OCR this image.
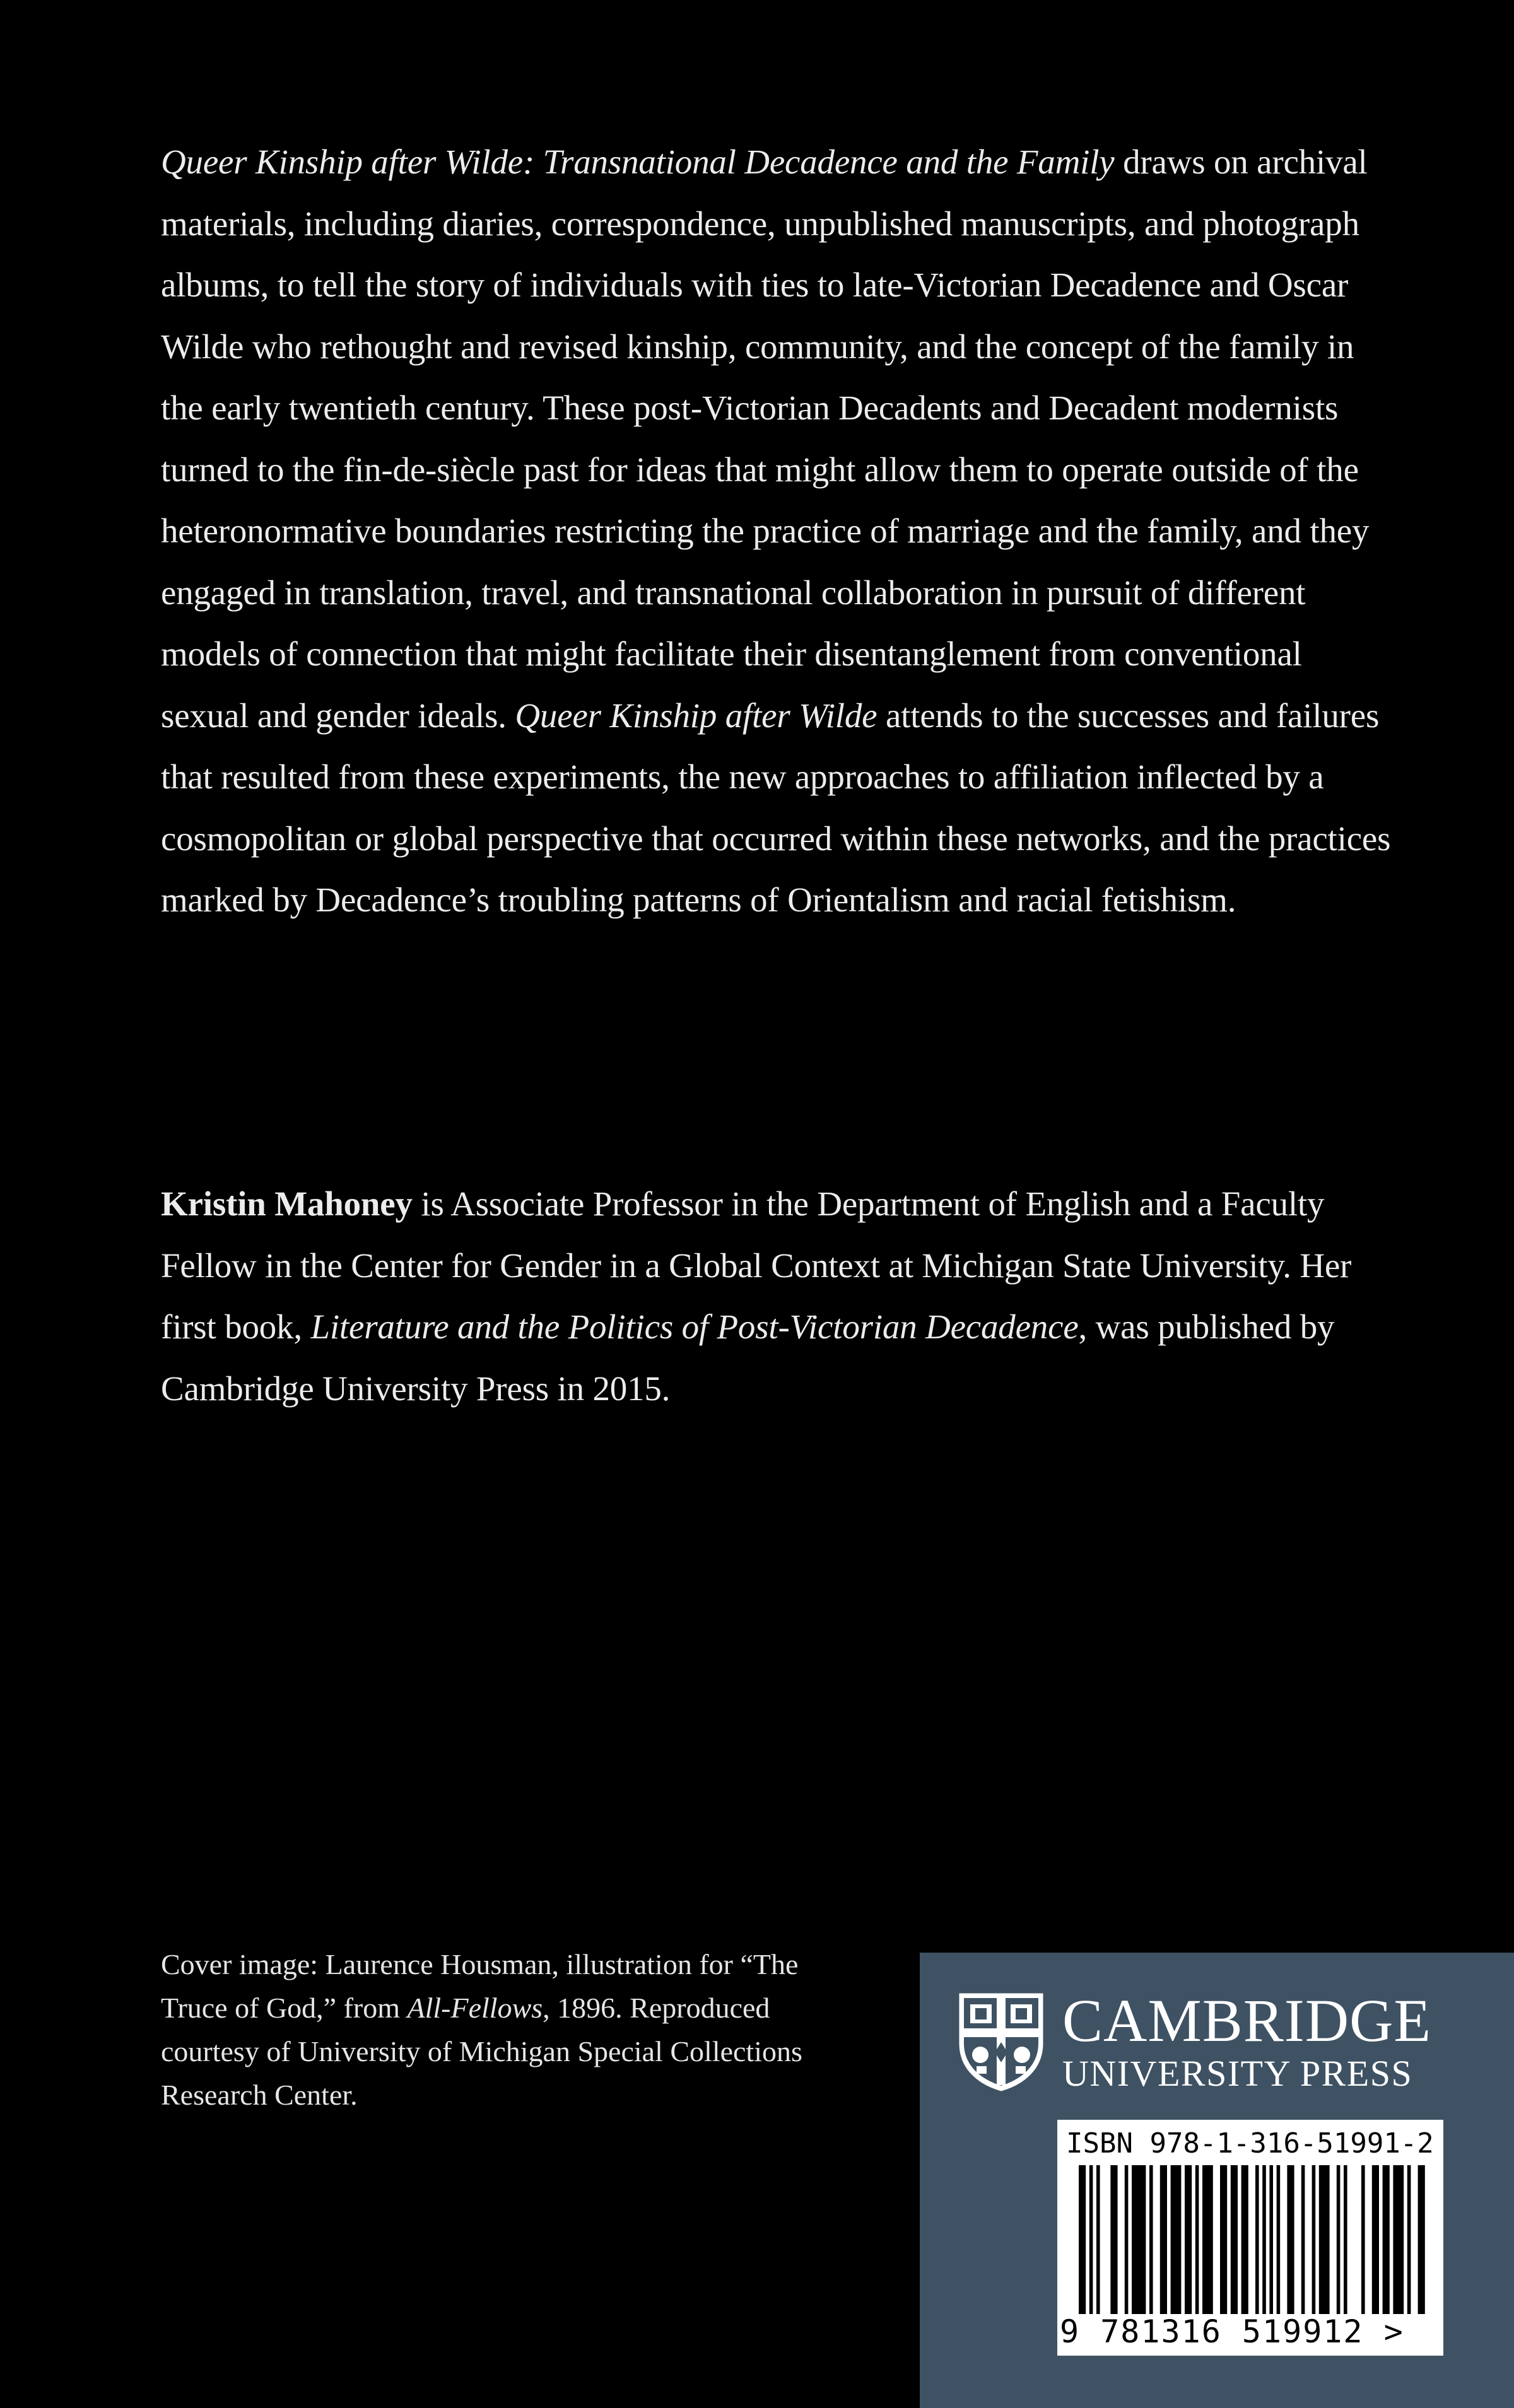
Queer Kinship after Wilde: Transnational Decadence and the Family draws on archival materials, including diaries, correspondence, unpublished manuscripts, and photograph albums, to tell the story of individuals with ties to late-Victorian Decadence and Oscar Wilde who rethought and revised kinship, community, and the concept of the family in the early twentieth century. These post-Victorian Decadents and Decadent modernists turned to the fin-de-siècle past for ideas that might allow them to operate outside of the heteronormative boundaries restricting the practice of marriage and the family, and they engaged in translation, travel, and transnational collaboration in pursuit of different models of connection that might facilitate their disentanglement from conventional sexual and gender ideals. Queer Kinship after Wilde attends to the successes and failures that resulted from these experiments, the new approaches to affiliation inflected by a cosmopolitan or global perspective that occurred within these networks, and the practices marked by Decadence’s troubling patterns of Orientalism and racial fetishism.

Kristin Mahoney is Associate Professor in the Department of English and a Faculty Fellow in the Center for Gender in a Global Context at Michigan State University. Her first book, Literature and the Politics of Post-Victorian Decadence, was published by Cambridge University Press in 2015.

Cover image: Laurence Housman, illustration for “The Truce of God,” from All-Fellows, 1896. Reproduced courtesy of University of Michigan Special Collections Research Center.

CAMBRIDGE
UNIVERSITY PRESS
ISBN 978-1-316-51991-2
9 781316 519912 >
